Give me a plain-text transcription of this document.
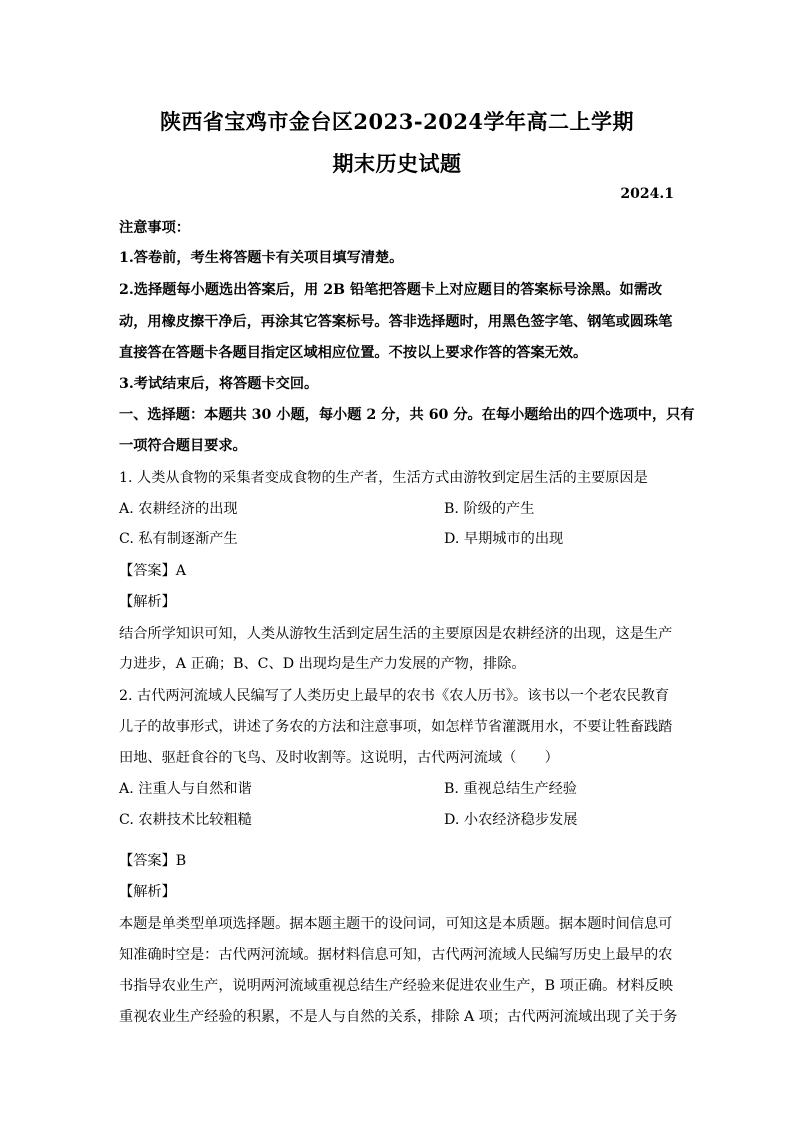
陕西省宝鸡市金台区2023-2024学年高二上学期
期末历史试题
2024.1
注意事项：
1.答卷前，考生将答题卡有关项目填写清楚。
2.选择题每小题选出答案后，用 2B 铅笔把答题卡上对应题目的答案标号涂黑。如需改
动，用橡皮擦干净后，再涂其它答案标号。答非选择题时，用黑色签字笔、钢笔或圆珠笔
直接答在答题卡各题目指定区域相应位置。不按以上要求作答的答案无效。
3.考试结束后，将答题卡交回。
一、选择题：本题共 30 小题，每小题 2 分，共 60 分。在每小题给出的四个选项中，只有
一项符合题目要求。
1. 人类从食物的采集者变成食物的生产者，生活方式由游牧到定居生活的主要原因是
A. 农耕经济的出现	B. 阶级的产生
C. 私有制逐渐产生	D. 早期城市的出现
【答案】A
【解析】
结合所学知识可知，人类从游牧生活到定居生活的主要原因是农耕经济的出现，这是生产
力进步，A 正确；B、C、D 出现均是生产力发展的产物，排除。
2. 古代两河流域人民编写了人类历史上最早的农书《农人历书》。该书以一个老农民教育
儿子的故事形式，讲述了务农的方法和注意事项，如怎样节省灌溉用水，不要让牲畜践踏
田地、驱赶食谷的飞鸟、及时收割等。这说明，古代两河流域（　　）
A. 注重人与自然和谐	B. 重视总结生产经验
C. 农耕技术比较粗糙	D. 小农经济稳步发展
【答案】B
【解析】
本题是单类型单项选择题。据本题主题干的设问词，可知这是本质题。据本题时间信息可
知准确时空是：古代两河流域。据材料信息可知，古代两河流域人民编写历史上最早的农
书指导农业生产，说明两河流域重视总结生产经验来促进农业生产，B 项正确。材料反映
重视农业生产经验的积累，不是人与自然的关系，排除 A 项；古代两河流域出现了关于务
